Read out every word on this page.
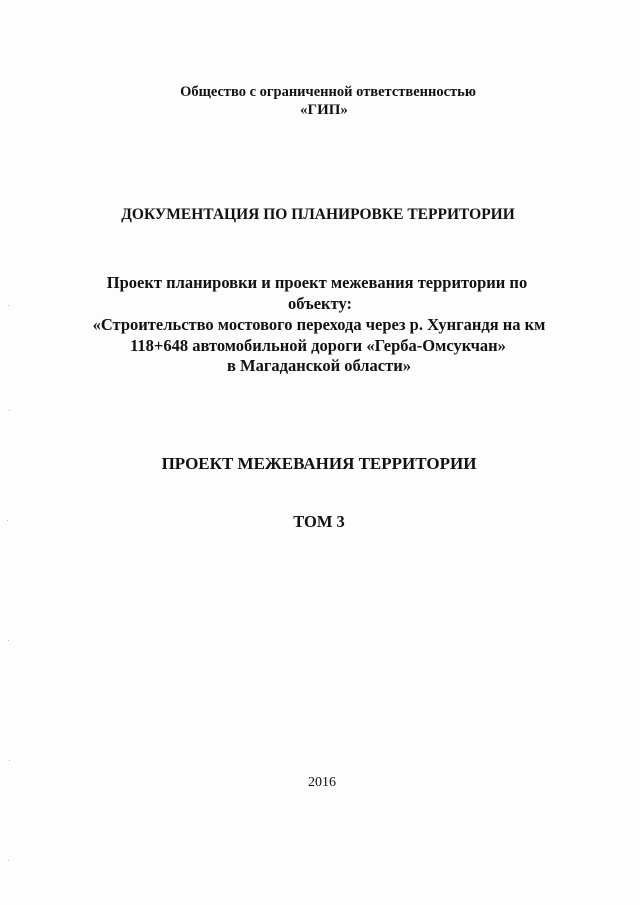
Общество с ограниченной ответственностью
«ГИП»
ДОКУМЕНТАЦИЯ ПО ПЛАНИРОВКЕ ТЕРРИТОРИИ
Проект планировки и проект межевания территории по
объекту:
«Строительство мостового перехода через р. Хунгандя на км
118+648 автомобильной дороги «Герба-Омсукчан»
в Магаданской области»
ПРОЕКТ МЕЖЕВАНИЯ ТЕРРИТОРИИ
ТОМ 3
2016
